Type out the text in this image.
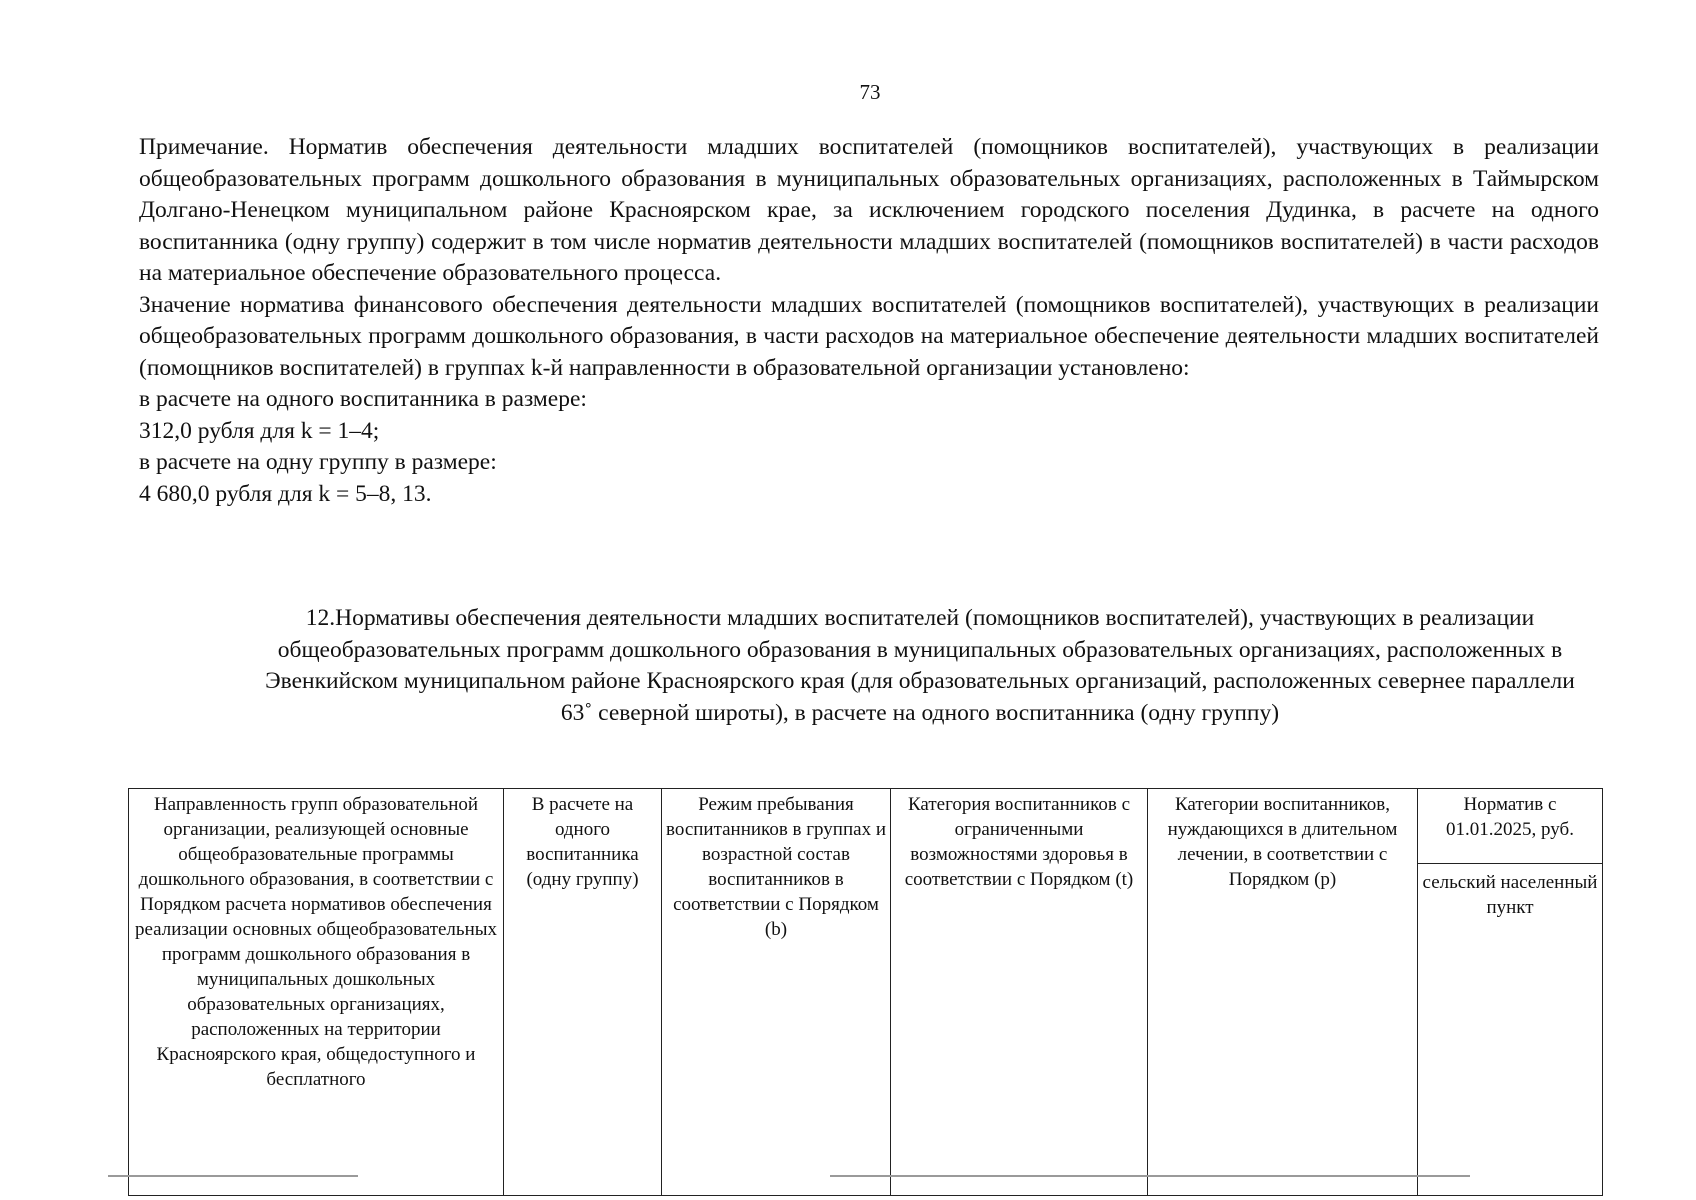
73

Примечание. Норматив обеспечения деятельности младших воспитателей (помощников воспитателей), участвующих в реализации общеобразовательных программ дошкольного образования в муниципальных образовательных организациях, расположенных в Таймырском Долгано-Ненецком муниципальном районе Красноярском крае, за исключением городского поселения Дудинка, в расчете на одного воспитанника (одну группу) содержит в том числе норматив деятельности младших воспитателей (помощников воспитателей) в части расходов на материальное обеспечение образовательного процесса.

Значение норматива финансового обеспечения деятельности младших воспитателей (помощников воспитателей), участвующих в реализации общеобразовательных программ дошкольного образования, в части расходов на материальное обеспечение деятельности младших воспитателей (помощников воспитателей) в группах k-й направленности в образовательной организации установлено:

в расчете на одного воспитанника в размере:

312,0 рубля для k = 1–4;

в расчете на одну группу в размере:

4 680,0 рубля для k = 5–8, 13.

12.Нормативы обеспечения деятельности младших воспитателей (помощников воспитателей), участвующих в реализации общеобразовательных программ дошкольного образования в муниципальных образовательных организациях, расположенных в Эвенкийском муниципальном районе Красноярского края (для образовательных организаций, расположенных севернее параллели 63˚ северной широты), в расчете на одного воспитанника (одну группу)
Направленность групп образовательной организации, реализующей основные общеобразовательные программы дошкольного образования, в соответствии с Порядком расчета нормативов обеспечения реализации основных общеобразовательных программ дошкольного образования в муниципальных дошкольных образовательных организациях, расположенных на территории Красноярского края, общедоступного и бесплатного	В расчете на одного воспитанника (одну группу)	Режим пребывания воспитанников в группах и возрастной состав воспитанников в соответствии с Порядком (b)	Категория воспитанников с ограниченными возможностями здоровья в соответствии с Порядком (t)	Категории воспитанников, нуждающихся в длительном лечении, в соответствии с Порядком (p)	Норматив с 01.01.2025, руб.
сельский населенный пункт
